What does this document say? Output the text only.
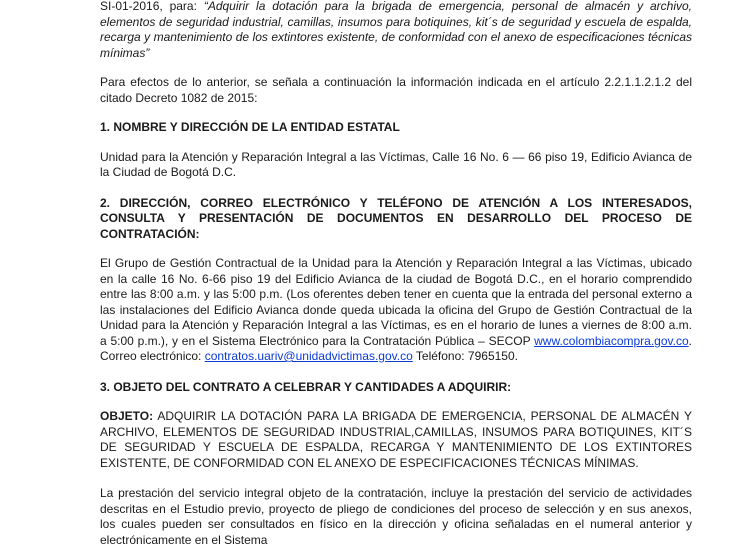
SI-01-2016, para: “Adquirir la dotación para la brigada de emergencia, personal de almacén y archivo, elementos de seguridad industrial, camillas, insumos para botiquines, kit´s de seguridad y escuela de espalda, recarga y mantenimiento de los extintores existente, de conformidad con el anexo de especificaciones técnicas mínimas”

Para efectos de lo anterior, se señala a continuación la información indicada en el artículo 2.2.1.1.2.1.2 del citado Decreto 1082 de 2015:

1. NOMBRE Y DIRECCIÓN DE LA ENTIDAD ESTATAL

Unidad para la Atención y Reparación Integral a las Víctimas, Calle 16 No. 6 — 66 piso 19, Edificio Avianca de la Ciudad de Bogotá D.C.

2. DIRECCIÓN, CORREO ELECTRÓNICO Y TELÉFONO DE ATENCIÓN A LOS INTERESADOS, CONSULTA Y PRESENTACIÓN DE DOCUMENTOS EN DESARROLLO DEL PROCESO DE CONTRATACIÓN:

El Grupo de Gestión Contractual de la Unidad para la Atención y Reparación Integral a las Víctimas, ubicado en la calle 16 No. 6-66 piso 19 del Edificio Avianca de la ciudad de Bogotá D.C., en el horario comprendido entre las 8:00 a.m. y las 5:00 p.m. (Los oferentes deben tener en cuenta que la entrada del personal externo a las instalaciones del Edificio Avianca donde queda ubicada la oficina del Grupo de Gestión Contractual de la Unidad para la Atención y Reparación Integral a las Víctimas, es en el horario de lunes a viernes de 8:00 a.m. a 5:00 p.m.), y en el Sistema Electrónico para la Contratación Pública – SECOP www.colombiacompra.gov.co. Correo electrónico: contratos.uariv@unidadvictimas.gov.co Teléfono: 7965150.

3. OBJETO DEL CONTRATO A CELEBRAR Y CANTIDADES A ADQUIRIR:

OBJETO: ADQUIRIR LA DOTACIÓN PARA LA BRIGADA DE EMERGENCIA, PERSONAL DE ALMACÉN Y ARCHIVO, ELEMENTOS DE SEGURIDAD INDUSTRIAL,CAMILLAS, INSUMOS PARA BOTIQUINES, KIT´S DE SEGURIDAD Y ESCUELA DE ESPALDA, RECARGA Y MANTENIMIENTO DE LOS EXTINTORES EXISTENTE, DE CONFORMIDAD CON EL ANEXO DE ESPECIFICACIONES TÉCNICAS MÍNIMAS.

La prestación del servicio integral objeto de la contratación, incluye la prestación del servicio de actividades descritas en el Estudio previo, proyecto de pliego de condiciones del proceso de selección y en sus anexos, los cuales pueden ser consultados en físico en la dirección y oficina señaladas en el numeral anterior y electrónicamente en el Sistema
